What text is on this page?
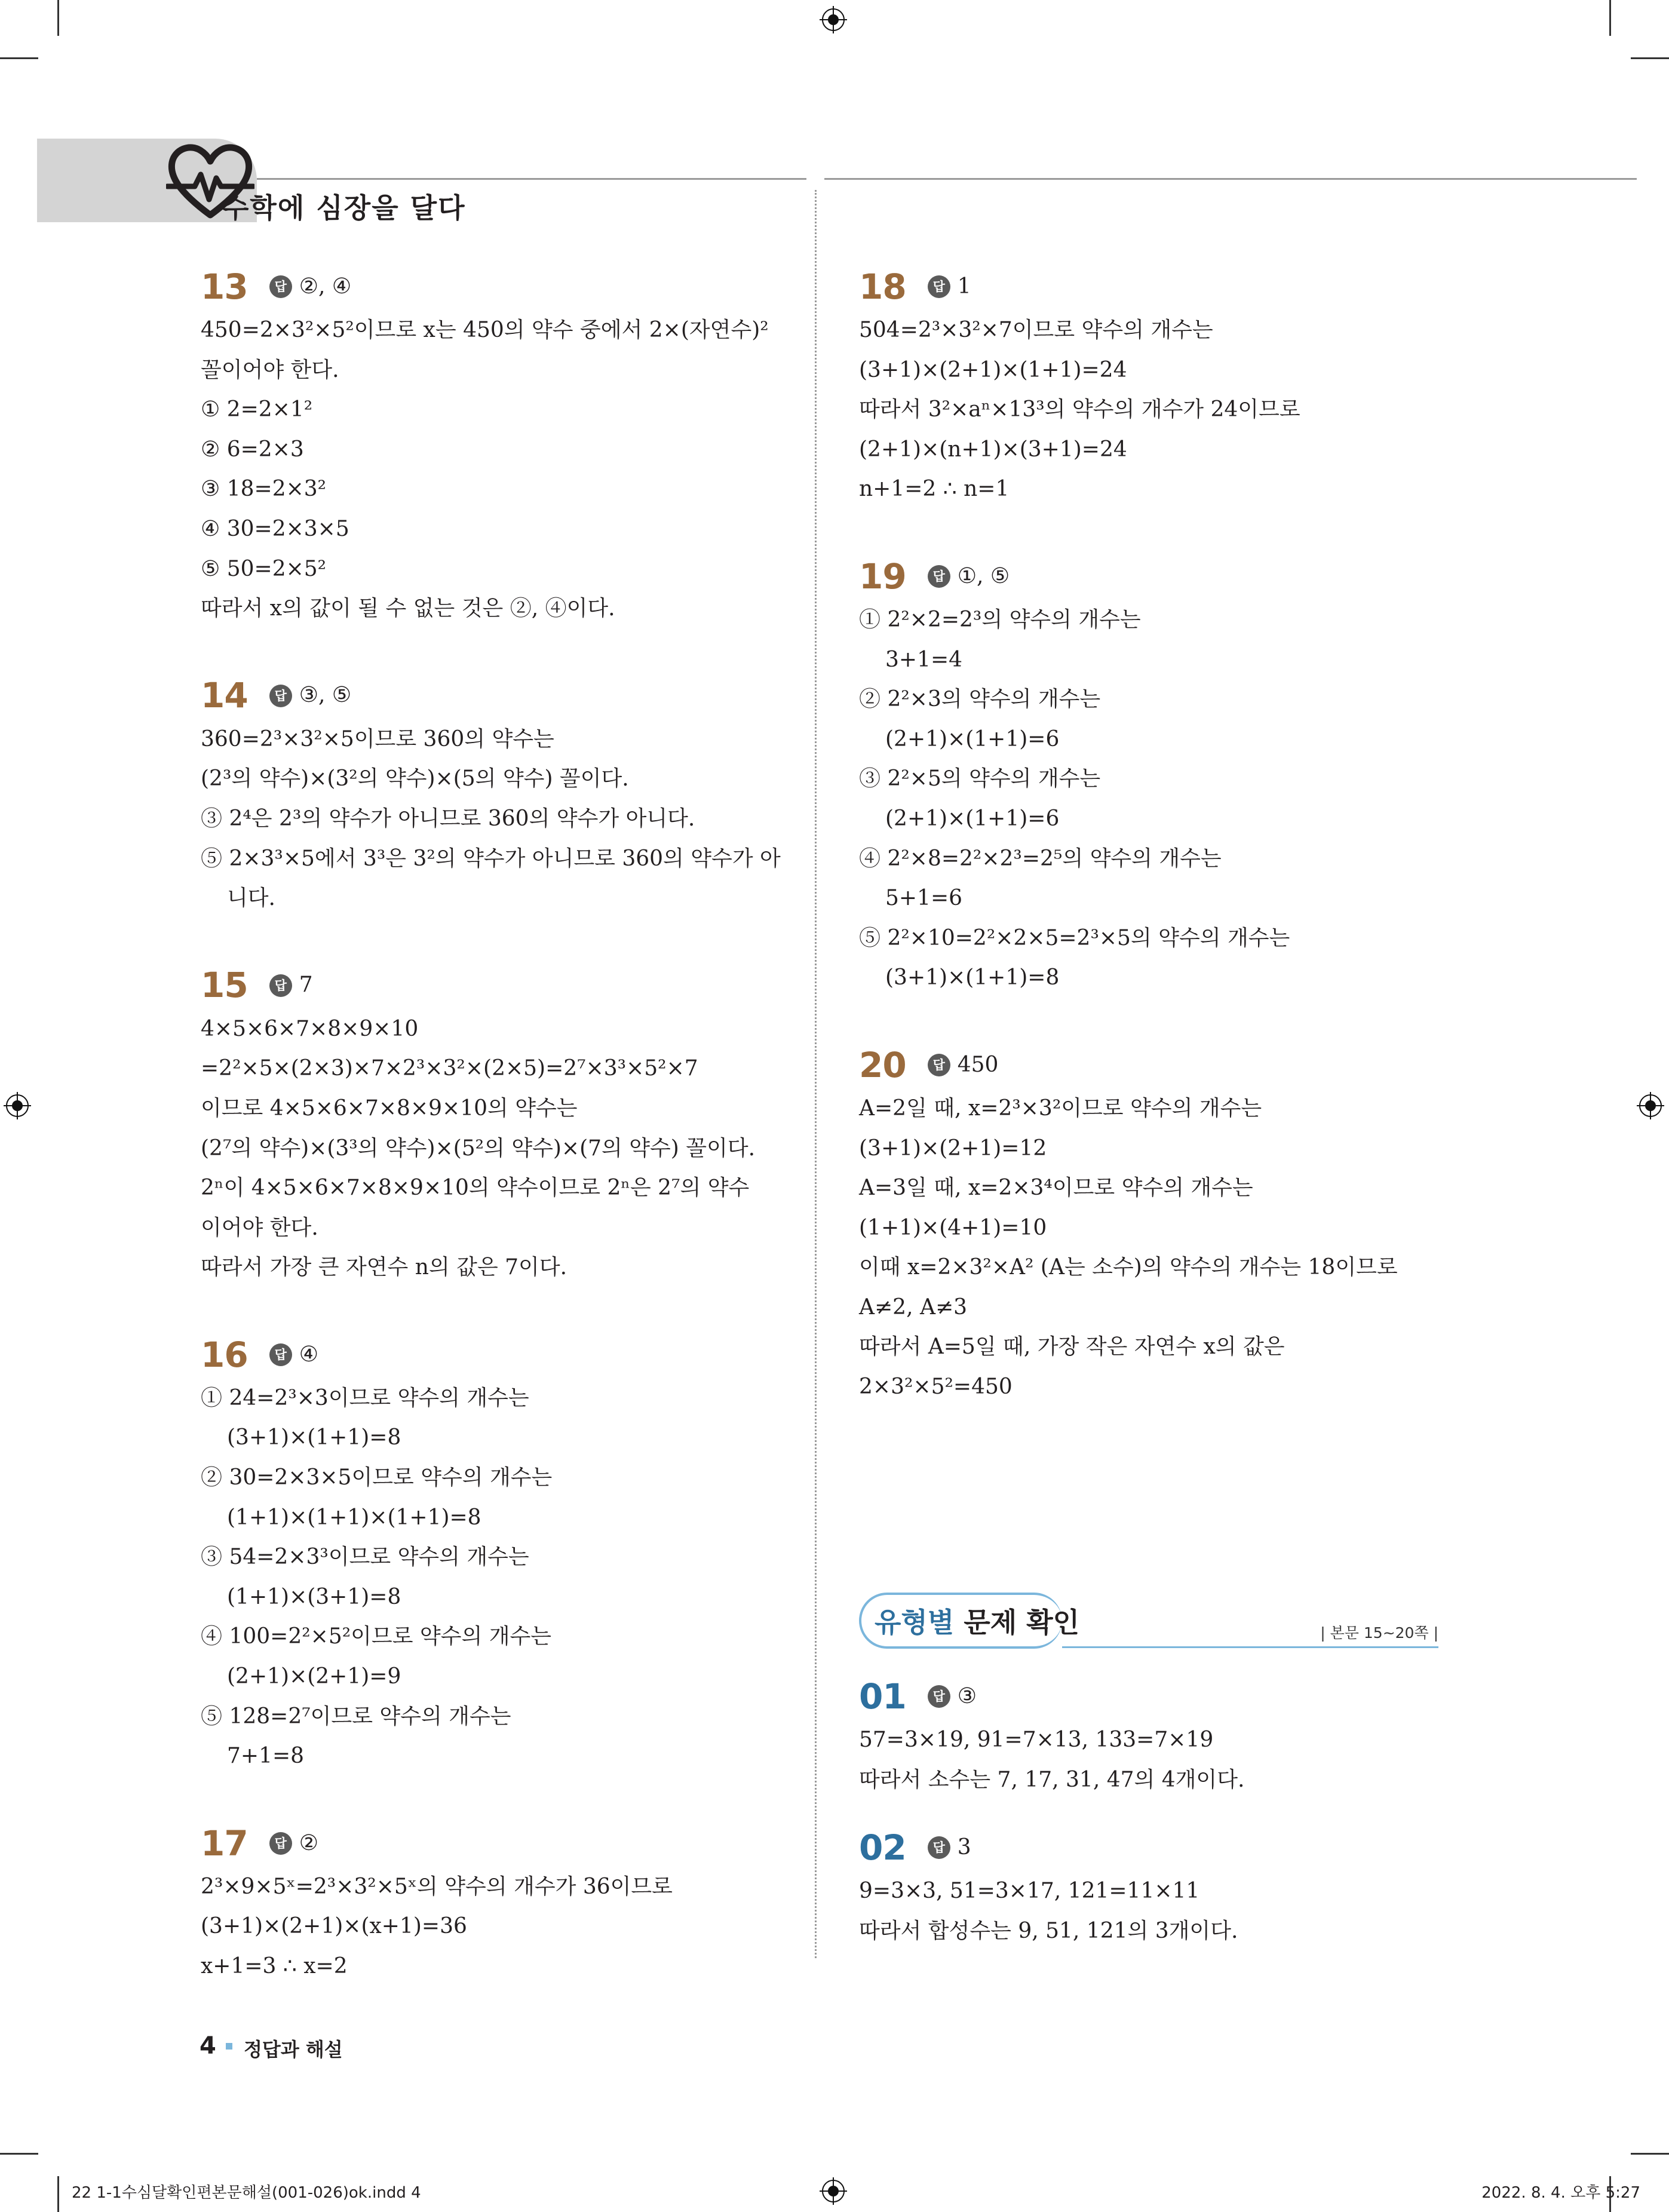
수학에 심장을 달다
13	답 ②, ④
450=2×3²×5²이므로 x는 450의 약수 중에서 2×(자연수)²
꼴이어야 한다.
① 2=2×1²
② 6=2×3
③ 18=2×3²
④ 30=2×3×5
⑤ 50=2×5²
따라서 x의 값이 될 수 없는 것은 ②, ④이다.
14	답 ③, ⑤
360=2³×3²×5이므로 360의 약수는
(2³의 약수)×(3²의 약수)×(5의 약수) 꼴이다.
③ 2⁴은 2³의 약수가 아니므로 360의 약수가 아니다.
⑤ 2×3³×5에서 3³은 3²의 약수가 아니므로 360의 약수가 아
니다.
15	답 7
4×5×6×7×8×9×10
=2²×5×(2×3)×7×2³×3²×(2×5)=2⁷×3³×5²×7
이므로 4×5×6×7×8×9×10의 약수는
(2⁷의 약수)×(3³의 약수)×(5²의 약수)×(7의 약수) 꼴이다.
2ⁿ이 4×5×6×7×8×9×10의 약수이므로 2ⁿ은 2⁷의 약수
이어야 한다.
따라서 가장 큰 자연수 n의 값은 7이다.
16	답 ④
① 24=2³×3이므로 약수의 개수는
(3+1)×(1+1)=8
② 30=2×3×5이므로 약수의 개수는
(1+1)×(1+1)×(1+1)=8
③ 54=2×3³이므로 약수의 개수는
(1+1)×(3+1)=8
④ 100=2²×5²이므로 약수의 개수는
(2+1)×(2+1)=9
⑤ 128=2⁷이므로 약수의 개수는
7+1=8
17	답 ②
2³×9×5ˣ=2³×3²×5ˣ의 약수의 개수가 36이므로
(3+1)×(2+1)×(x+1)=36
x+1=3 ∴ x=2
18	답 1
504=2³×3²×7이므로 약수의 개수는
(3+1)×(2+1)×(1+1)=24
따라서 3²×aⁿ×13³의 약수의 개수가 24이므로
(2+1)×(n+1)×(3+1)=24
n+1=2 ∴ n=1
19	답 ①, ⑤
① 2²×2=2³의 약수의 개수는
3+1=4
② 2²×3의 약수의 개수는
(2+1)×(1+1)=6
③ 2²×5의 약수의 개수는
(2+1)×(1+1)=6
④ 2²×8=2²×2³=2⁵의 약수의 개수는
5+1=6
⑤ 2²×10=2²×2×5=2³×5의 약수의 개수는
(3+1)×(1+1)=8
20	답 450
A=2일 때, x=2³×3²이므로 약수의 개수는
(3+1)×(2+1)=12
A=3일 때, x=2×3⁴이므로 약수의 개수는
(1+1)×(4+1)=10
이때 x=2×3²×A² (A는 소수)의 약수의 개수는 18이므로
A≠2, A≠3
따라서 A=5일 때, 가장 작은 자연수 x의 값은
2×3²×5²=450
유형별 문제 확인	| 본문 15~20쪽 |
01	답 ③
57=3×19, 91=7×13, 133=7×19
따라서 소수는 7, 17, 31, 47의 4개이다.
02	답 3
9=3×3, 51=3×17, 121=11×11
따라서 합성수는 9, 51, 121의 3개이다.
4 정답과 해설
22 1-1수심달확인편본문해설(001-026)ok.indd 4	2022. 8. 4. 오후 5:27
